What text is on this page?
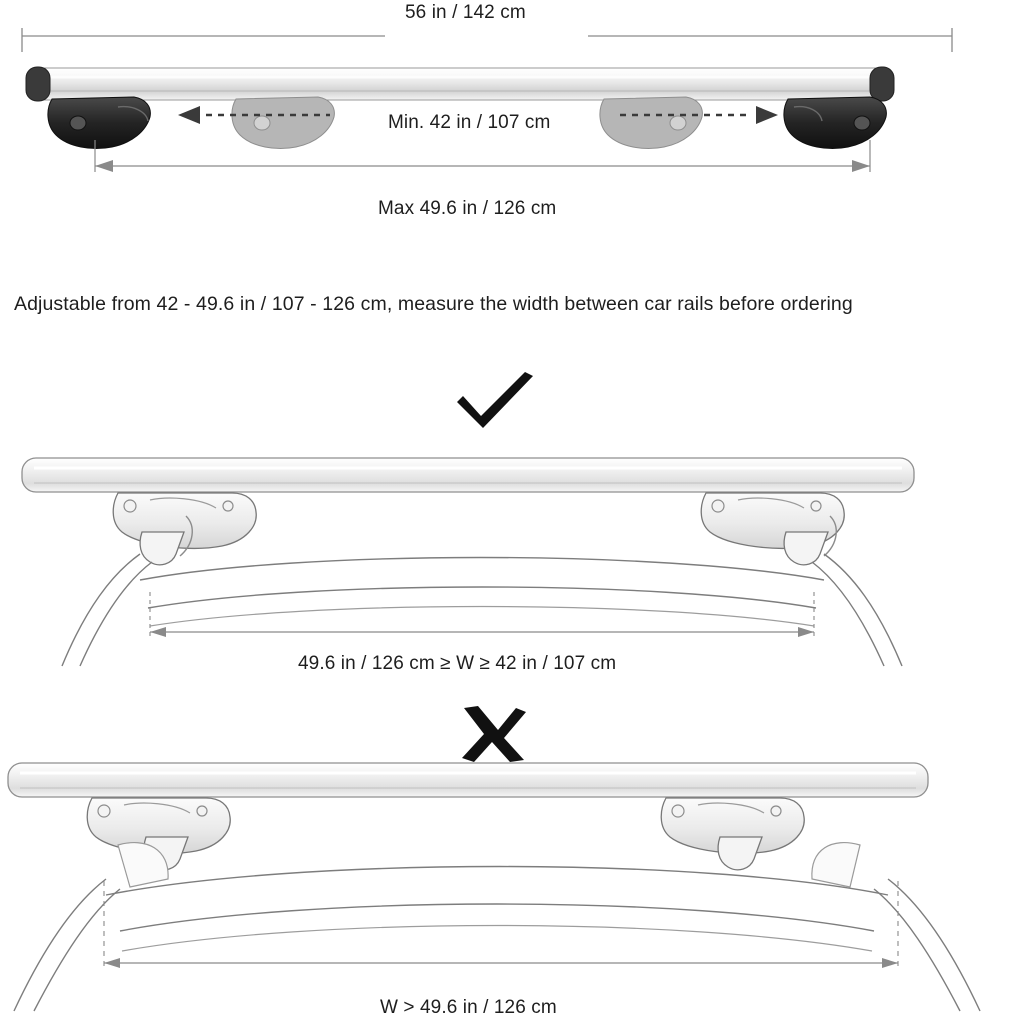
56 in / 142 cm
Min. 42 in / 107 cm
Max 49.6 in / 126 cm
Adjustable from 42 - 49.6 in / 107 - 126 cm, measure the width between car rails before ordering
49.6 in / 126 cm ≥ W ≥ 42 in / 107 cm
W > 49.6 in / 126 cm
